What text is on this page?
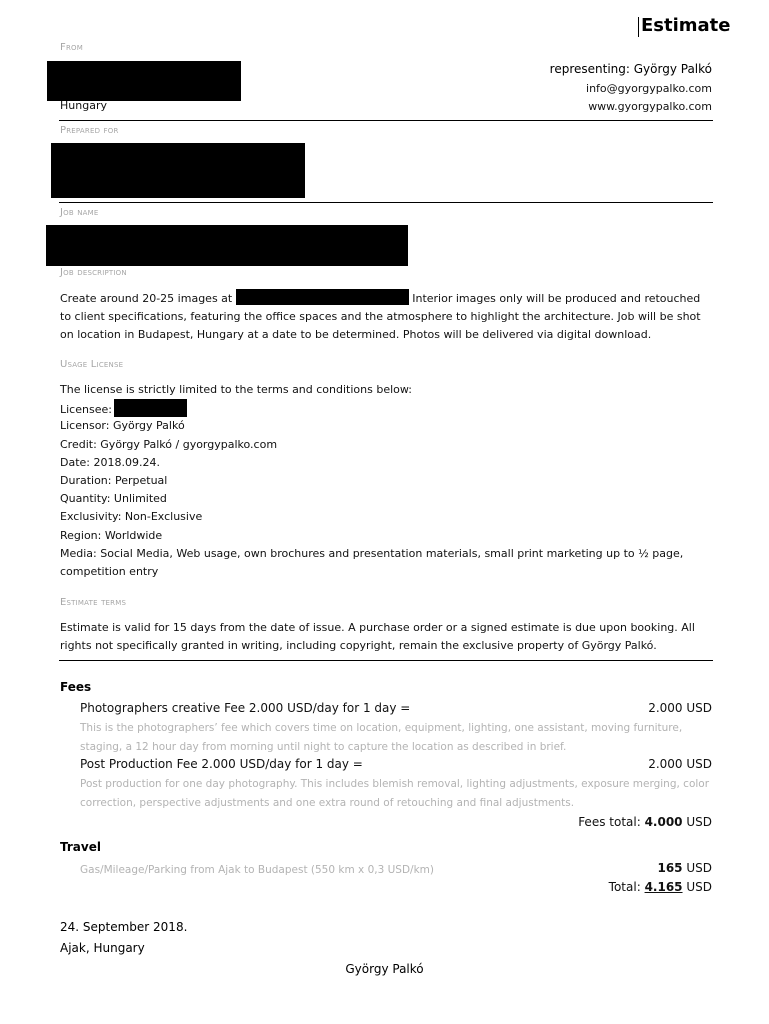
Estimate
From
Hungary
representing: György Palkó
info@gyorgypalko.com
www.gyorgypalko.com
Prepared for
Job name
Job description
Create around 20-25 images at	Interior images only will be produced and retouched to client specifications, featuring the office spaces and the atmosphere to highlight the architecture. Job will be shot on location in Budapest, Hungary at a date to be determined. Photos will be delivered via digital download.
Usage License
The license is strictly limited to the terms and conditions below:
Licensee:
Licensor: György Palkó
Credit: György Palkó / gyorgypalko.com
Date: 2018.09.24.
Duration: Perpetual
Quantity: Unlimited
Exclusivity: Non-Exclusive
Region: Worldwide
Media: Social Media, Web usage, own brochures and presentation materials, small print marketing up to ½ page, competition entry
Estimate terms
Estimate is valid for 15 days from the date of issue. A purchase order or a signed estimate is due upon booking. All rights not specifically granted in writing, including copyright, remain the exclusive property of György Palkó.
Fees
Photographers creative Fee 2.000 USD/day for 1 day =	2.000 USD
This is the photographers’ fee which covers time on location, equipment, lighting, one assistant, moving furniture, staging, a 12 hour day from morning until night to capture the location as described in brief.
Post Production Fee 2.000 USD/day for 1 day =	2.000 USD
Post production for one day photography. This includes blemish removal, lighting adjustments, exposure merging, color correction, perspective adjustments and one extra round of retouching and final adjustments.
Fees total: 4.000 USD
Travel
Gas/Mileage/Parking from Ajak to Budapest (550 km x 0,3 USD/km)	165 USD
Total: 4.165 USD
24. September 2018.
Ajak, Hungary
György Palkó
